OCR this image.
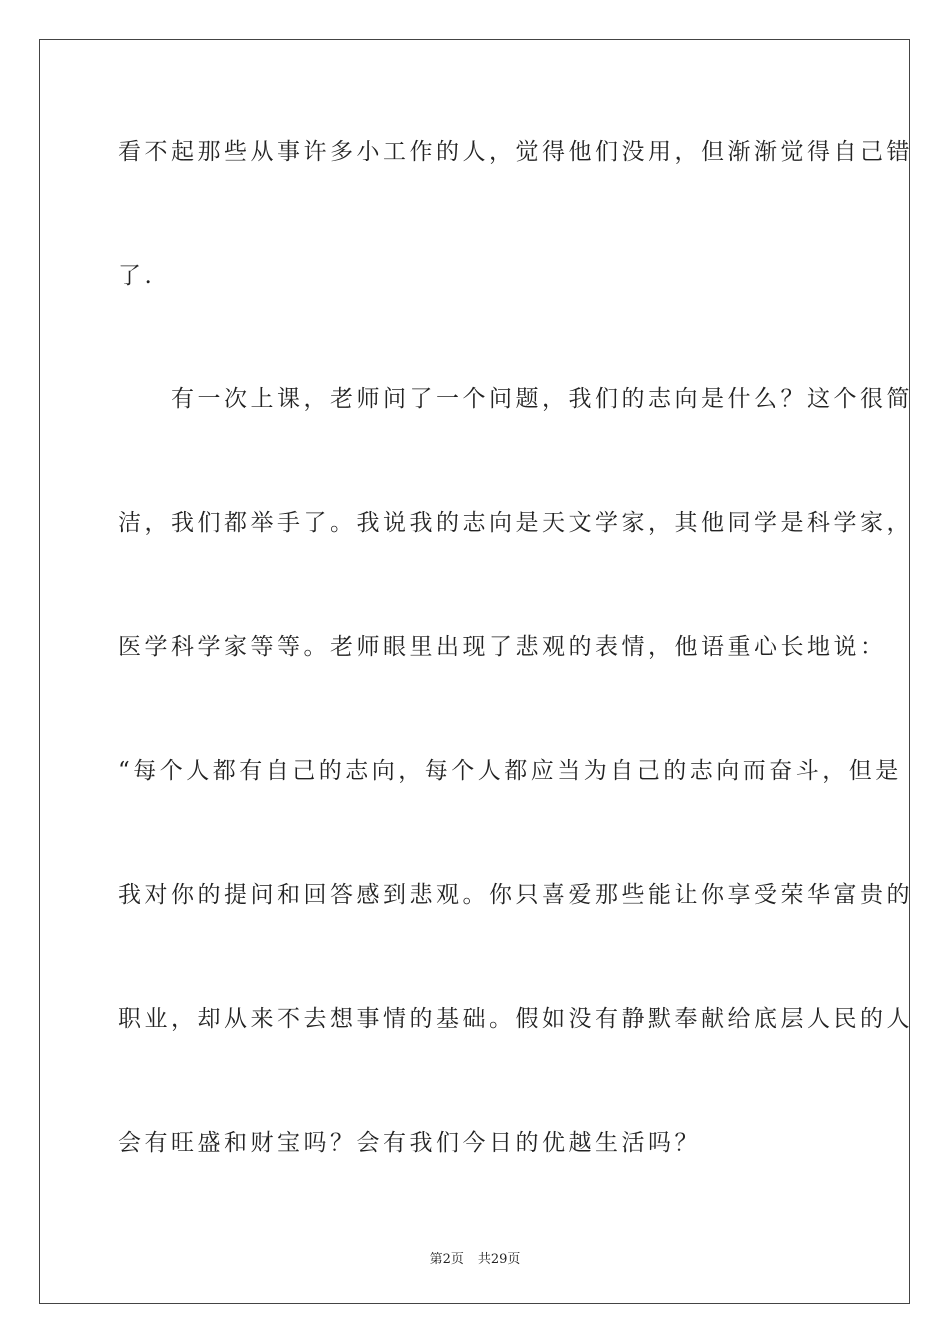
看不起那些从事许多小工作的人，觉得他们没用，但渐渐觉得自己错
了.
　　有一次上课，老师问了一个问题，我们的志向是什么？这个很简
洁，我们都举手了。我说我的志向是天文学家，其他同学是科学家，
医学科学家等等。老师眼里出现了悲观的表情，他语重心长地说：
“每个人都有自己的志向，每个人都应当为自己的志向而奋斗，但是
我对你的提问和回答感到悲观。你只喜爱那些能让你享受荣华富贵的
职业，却从来不去想事情的基础。假如没有静默奉献给底层人民的人
会有旺盛和财宝吗？会有我们今日的优越生活吗？
第2页 共29页
